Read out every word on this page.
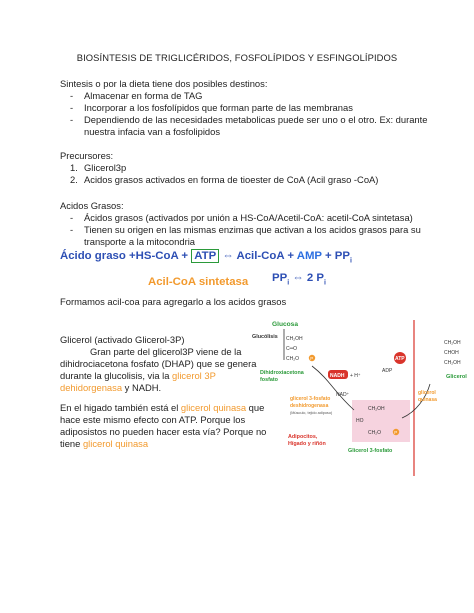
BIOSÍNTESIS DE TRIGLICÉRIDOS, FOSFOLÍPIDOS Y ESFINGOLÍPIDOS
Sintesis o por la dieta tiene dos posibles destinos:
- Almacenar en forma de TAG
- Incorporar a los fosfolípidos que forman parte de las membranas
- Dependiendo de las necesidades metabolicas puede ser uno o el otro. Ex: durante
nuestra infacia van a fosfolipidos
Precursores:
1. Glicerol3p
2. Acidos grasos activados en forma de tioester de CoA (Acil graso -CoA)
Acidos Grasos:
- Ácidos grasos (activados por unión a HS-CoA/Acetil-CoA: acetil-CoA sintetasa)
- Tienen su origen en las mismas enzimas que activan a los acidos grasos para su
transporte a la mitocondria
Ácido graso +HS-CoA + ATP ⇔ Acil-CoA + AMP + $PP_i$
Acil-CoA sintetasa $PP_i$ ⇔ 2 $P_i$
Formamos acil-coa para agregarlo a los acidos grasos
Glicerol (activado Glicerol-3P)
Gran parte del glicerol3P viene de la
dihidrociacetona fosfato (DHAP) que se genera
durante la glucolisis, via la glicerol 3P
dehidorgenasa y NADH.
En el higado también está el glicerol quinasa que
hace este mismo efecto con ATP. Porque los
adiposistos no pueden hacer esta vía? Porque no
tiene glicerol quinasa
Glucosa
Glucólisis CH₂OH
C═O
CH₂O	P
Dihidroxiacetona
fosfato
NADH + H⁺
NAD⁺
glicerol 3-fosfato
deshidrogenasa
(Músculo, tejido adiposo)
ADP
ATP
glicerol
quinasa
CH₂OH
CHOH
CH₂OH
Glicerol
CH₂OH
HO
CH₂O	P
Adipocitos,
Hígado y riñón
Glicerol 3-fosfato
